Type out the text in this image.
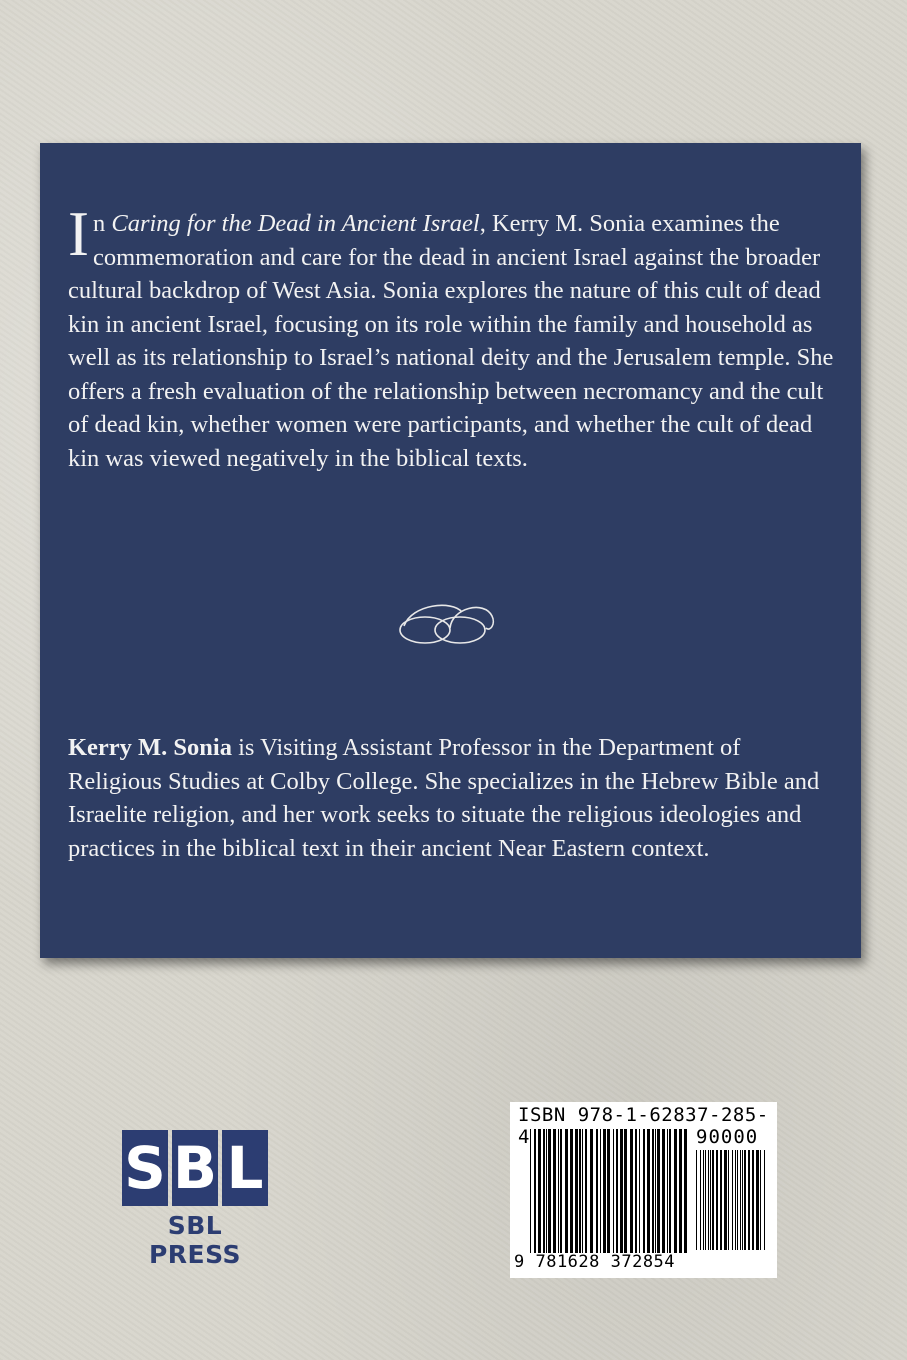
In Caring for the Dead in Ancient Israel, Kerry M. Sonia examines the commemoration and care for the dead in ancient Israel against the broader cultural backdrop of West Asia. Sonia explores the nature of this cult of dead kin in ancient Israel, focusing on its role within the family and household as well as its relationship to Israel’s national deity and the Jerusalem temple. She offers a fresh evaluation of the relationship between necromancy and the cult of dead kin, whether women were participants, and whether the cult of dead kin was viewed negatively in the biblical texts.

Kerry M. Sonia is Visiting Assistant Professor in the Department of Religious Studies at Colby College. She specializes in the Hebrew Bible and Israelite religion, and her work seeks to situate the religious ideologies and practices in the biblical text in their ancient Near Eastern context.

S B L
SBL PRESS
ISBN 978-1-62837-285-4	90000
9 781628 372854
